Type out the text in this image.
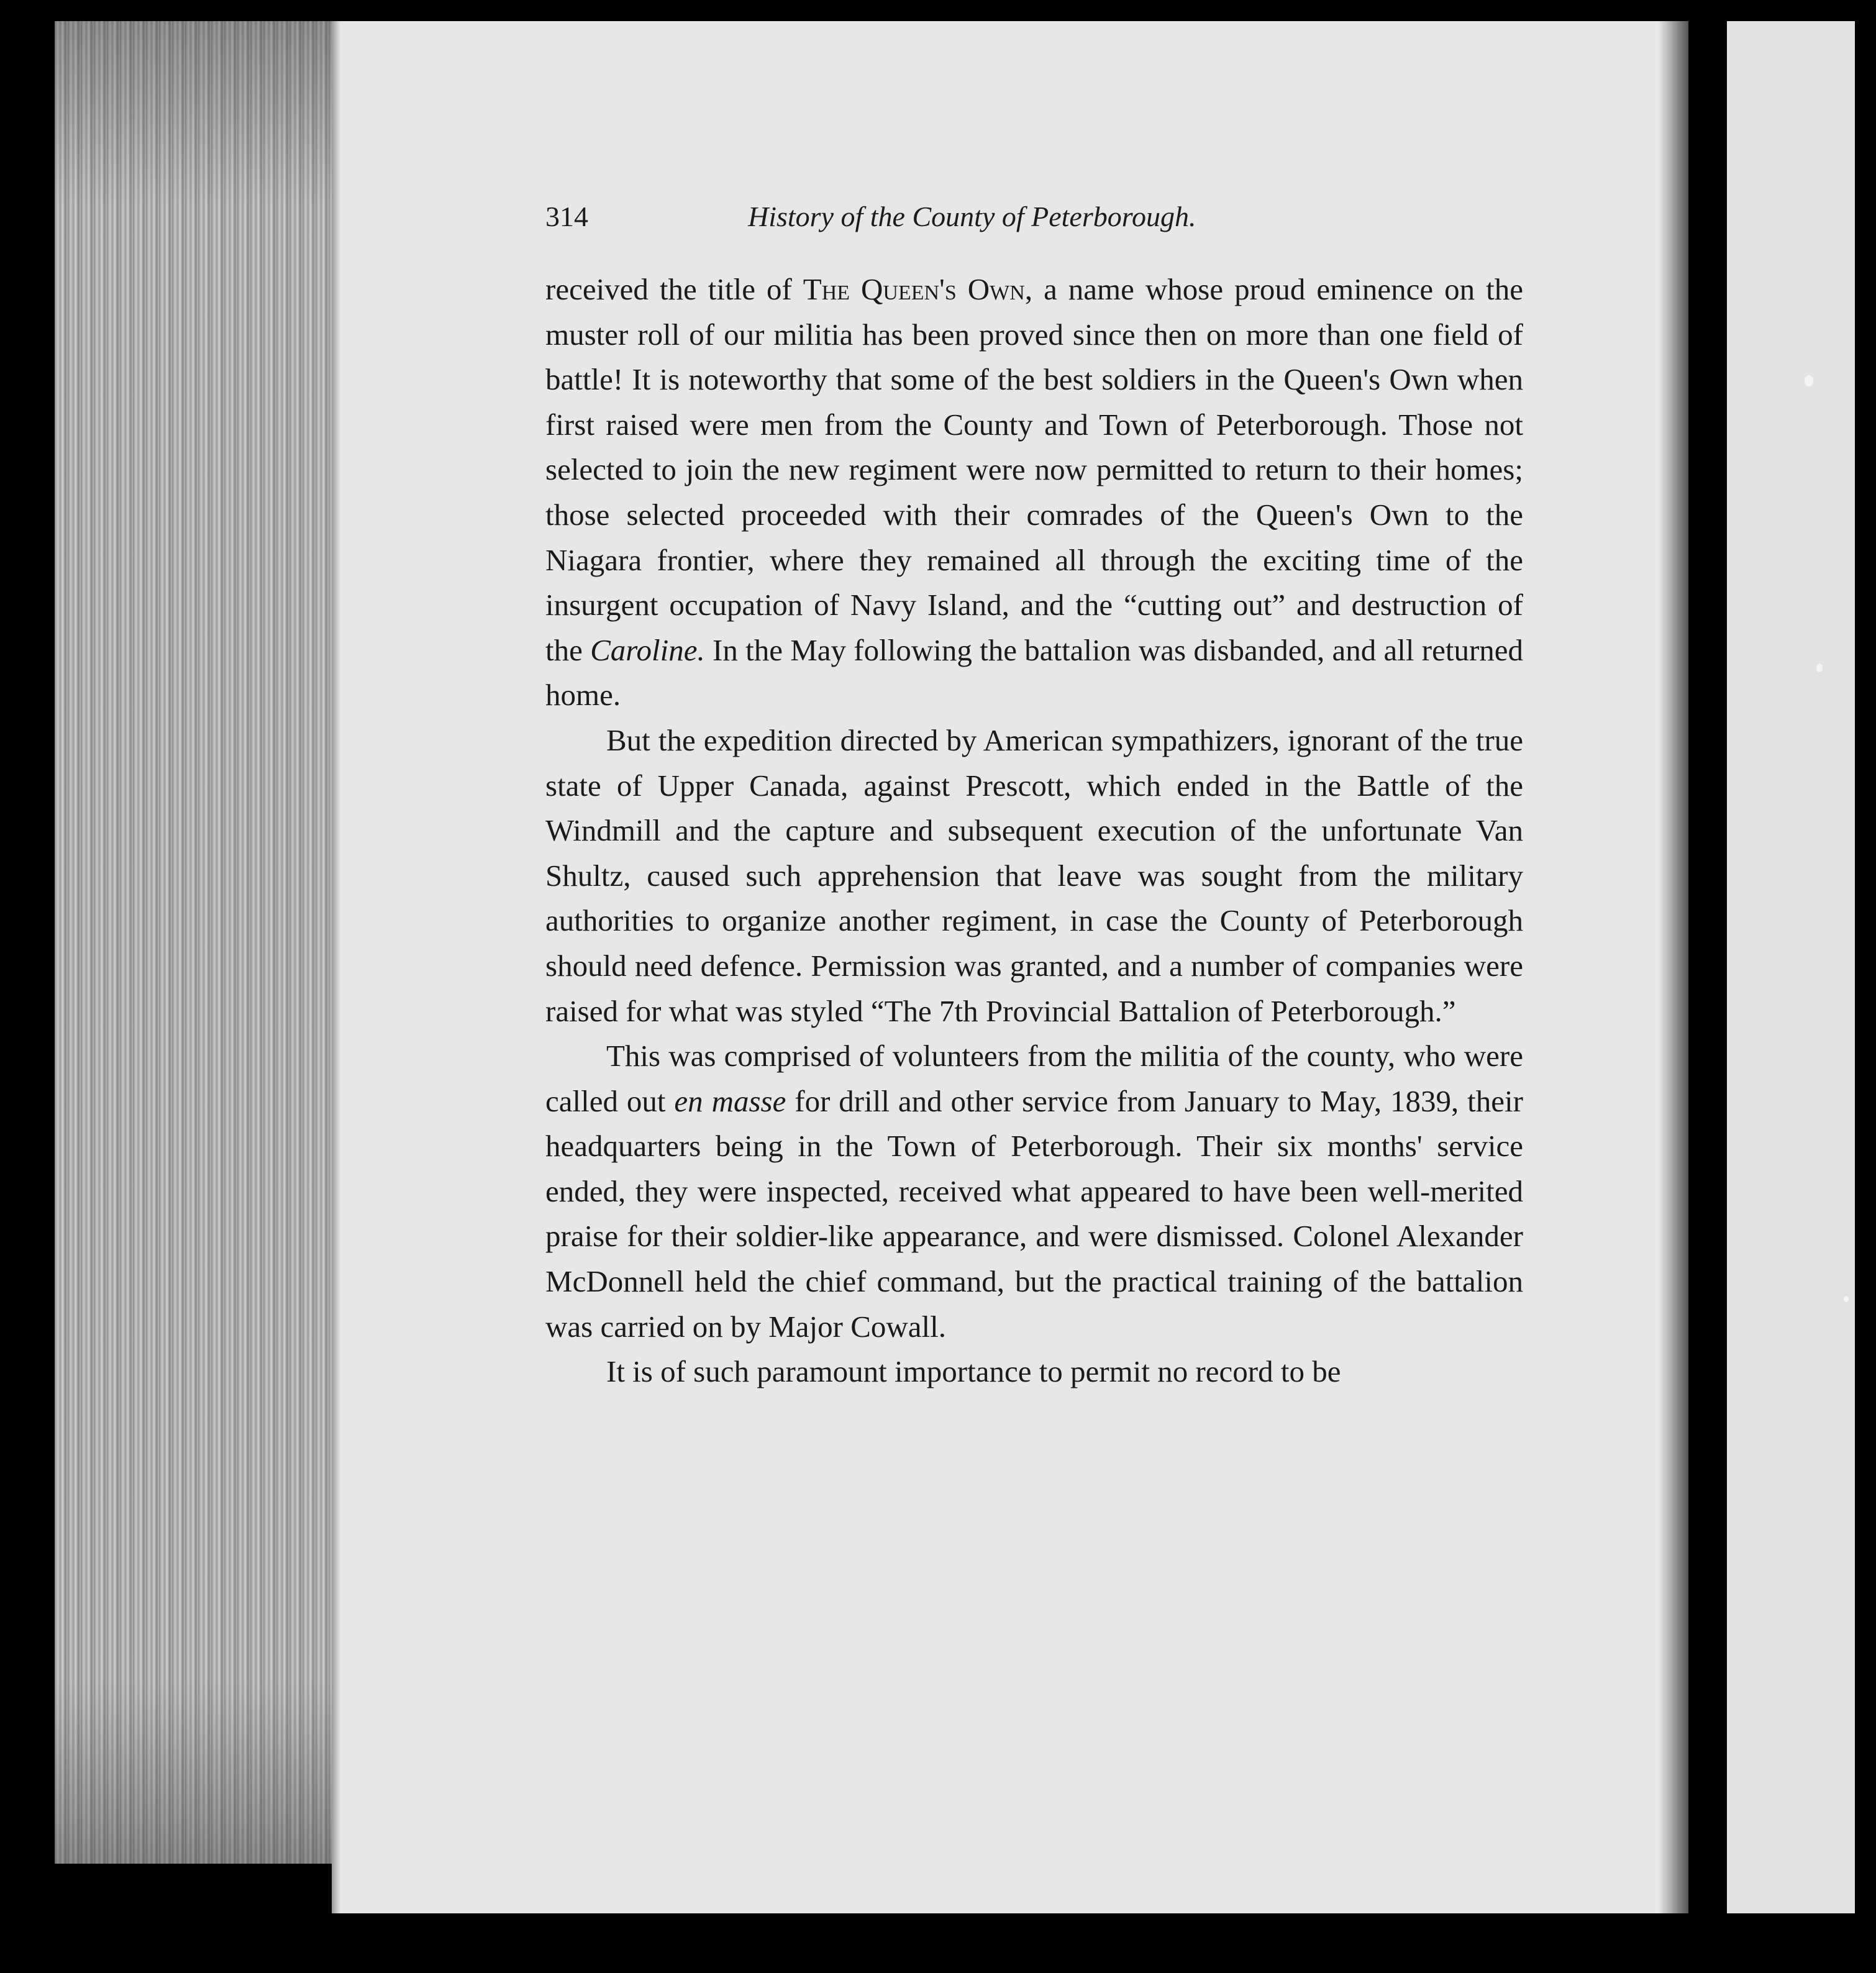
314	History of the County of Peterborough.

received the title of The Queen's Own, a name whose proud eminence on the muster roll of our militia has been proved since then on more than one field of battle! It is noteworthy that some of the best soldiers in the Queen's Own when first raised were men from the County and Town of Peterborough. Those not selected to join the new regiment were now permitted to return to their homes; those selected proceeded with their comrades of the Queen's Own to the Niagara frontier, where they remained all through the exciting time of the insurgent occupation of Navy Island, and the “cutting out” and destruction of the Caroline. In the May following the battalion was disbanded, and all returned home.

But the expedition directed by American sympathizers, ignorant of the true state of Upper Canada, against Prescott, which ended in the Battle of the Windmill and the capture and subsequent execution of the unfortunate Van Shultz, caused such apprehension that leave was sought from the military authorities to organize another regiment, in case the County of Peterborough should need defence. Permission was granted, and a number of companies were raised for what was styled “The 7th Provincial Battalion of Peterborough.”

This was comprised of volunteers from the militia of the county, who were called out en masse for drill and other service from January to May, 1839, their headquarters being in the Town of Peterborough. Their six months' service ended, they were inspected, received what appeared to have been well-merited praise for their soldier-like appearance, and were dismissed. Colonel Alexander McDonnell held the chief command, but the practical training of the battalion was carried on by Major Cowall.

It is of such paramount importance to permit no record to be
